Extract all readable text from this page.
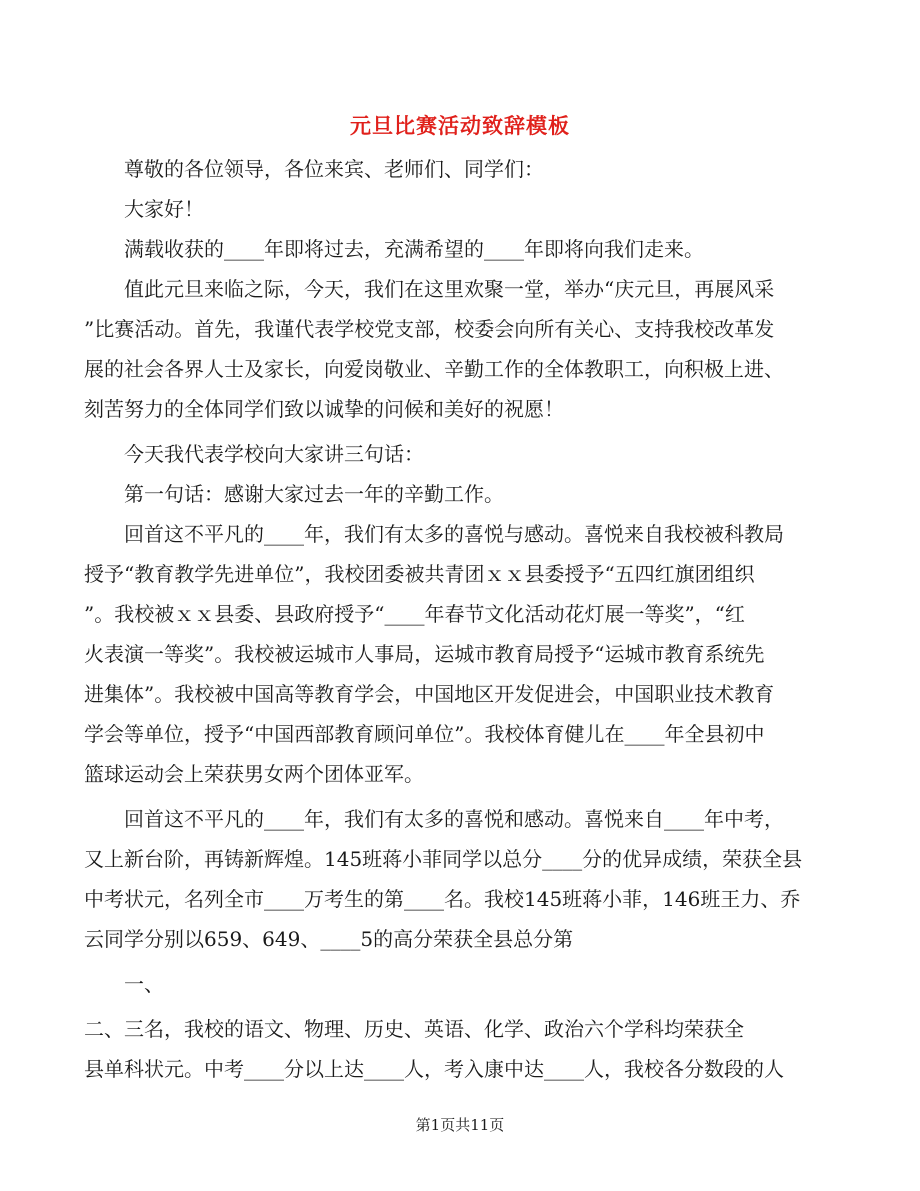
元旦比赛活动致辞模板
　　尊敬的各位领导，各位来宾、老师们、同学们：
　　大家好！
　　满载收获的____年即将过去，充满希望的____年即将向我们走来。
　　值此元旦来临之际，今天，我们在这里欢聚一堂，举办“庆元旦，再展风采
”比赛活动。首先，我谨代表学校党支部，校委会向所有关心、支持我校改革发
展的社会各界人士及家长，向爱岗敬业、辛勤工作的全体教职工，向积极上进、
刻苦努力的全体同学们致以诚挚的问候和美好的祝愿！
　　今天我代表学校向大家讲三句话：
　　第一句话：感谢大家过去一年的辛勤工作。
　　回首这不平凡的____年，我们有太多的喜悦与感动。喜悦来自我校被科教局
授予“教育教学先进单位”，我校团委被共青团ｘｘ县委授予“五四红旗团组织
”。我校被ｘｘ县委、县政府授予“____年春节文化活动花灯展一等奖”，“红
火表演一等奖”。我校被运城市人事局，运城市教育局授予“运城市教育系统先
进集体”。我校被中国高等教育学会，中国地区开发促进会，中国职业技术教育
学会等单位，授予“中国西部教育顾问单位”。我校体育健儿在____年全县初中
篮球运动会上荣获男女两个团体亚军。
　　回首这不平凡的____年，我们有太多的喜悦和感动。喜悦来自____年中考，
又上新台阶，再铸新辉煌。145班蒋小菲同学以总分____分的优异成绩，荣获全县
中考状元，名列全市____万考生的第____名。我校145班蒋小菲，146班王力、乔
云同学分别以659、649、____5的高分荣获全县总分第
　　一、
二、三名，我校的语文、物理、历史、英语、化学、政治六个学科均荣获全
县单科状元。中考____分以上达____人，考入康中达____人，我校各分数段的人
第1页共11页
